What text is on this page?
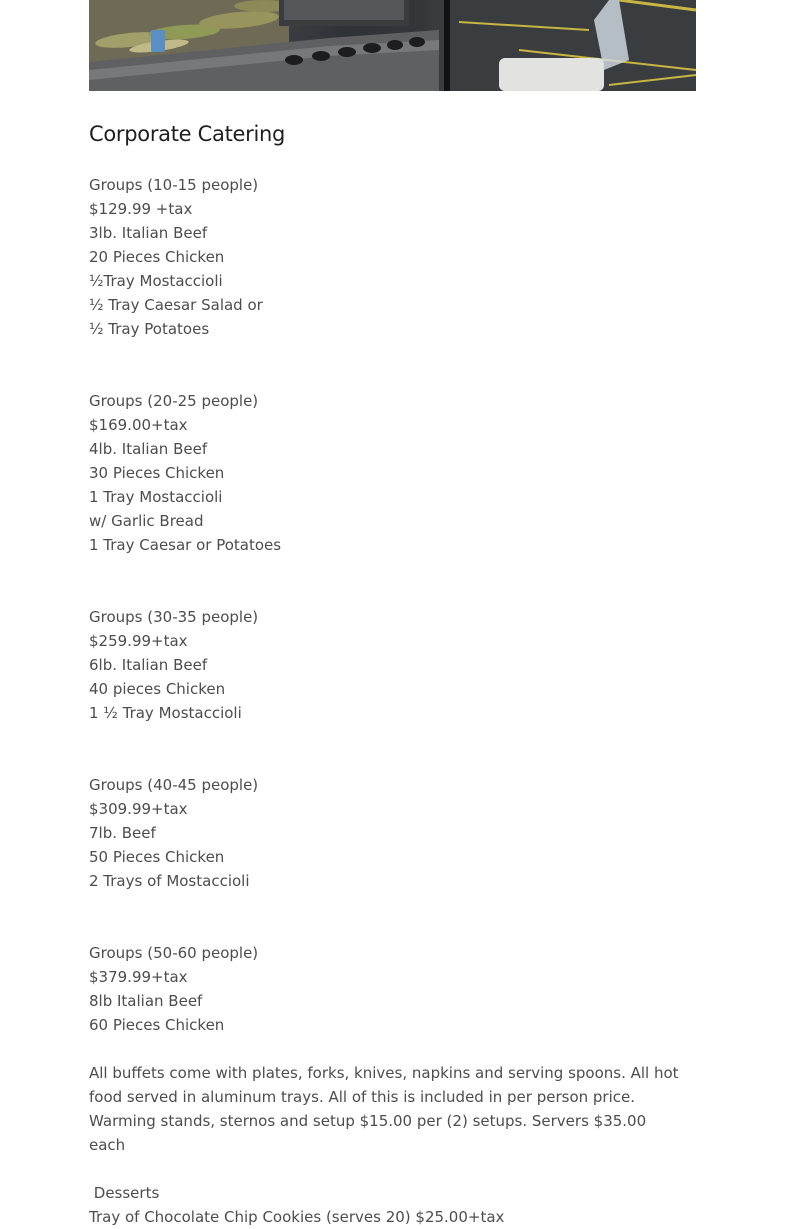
Corporate Catering
Groups (10-15 people)
$129.99 +tax
3lb. Italian Beef
20 Pieces Chicken
½Tray Mostaccioli
½ Tray Caesar Salad or
½ Tray Potatoes
Groups (20-25 people)
$169.00+tax
4lb. Italian Beef
30 Pieces Chicken
1 Tray Mostaccioli
w/ Garlic Bread
1 Tray Caesar or Potatoes
Groups (30-35 people)
$259.99+tax
6lb. Italian Beef
40 pieces Chicken
1 ½ Tray Mostaccioli
Groups (40-45 people)
$309.99+tax
7lb. Beef
50 Pieces Chicken
2 Trays of Mostaccioli
Groups (50-60 people)
$379.99+tax
8lb Italian Beef
60 Pieces Chicken
All buffets come with plates, forks, knives, napkins and serving spoons. All hot food served in aluminum trays. All of this is included in per person price. Warming stands, sternos and setup $15.00 per (2) setups. Servers $35.00 each
Desserts
Tray of Chocolate Chip Cookies (serves 20) $25.00+tax
